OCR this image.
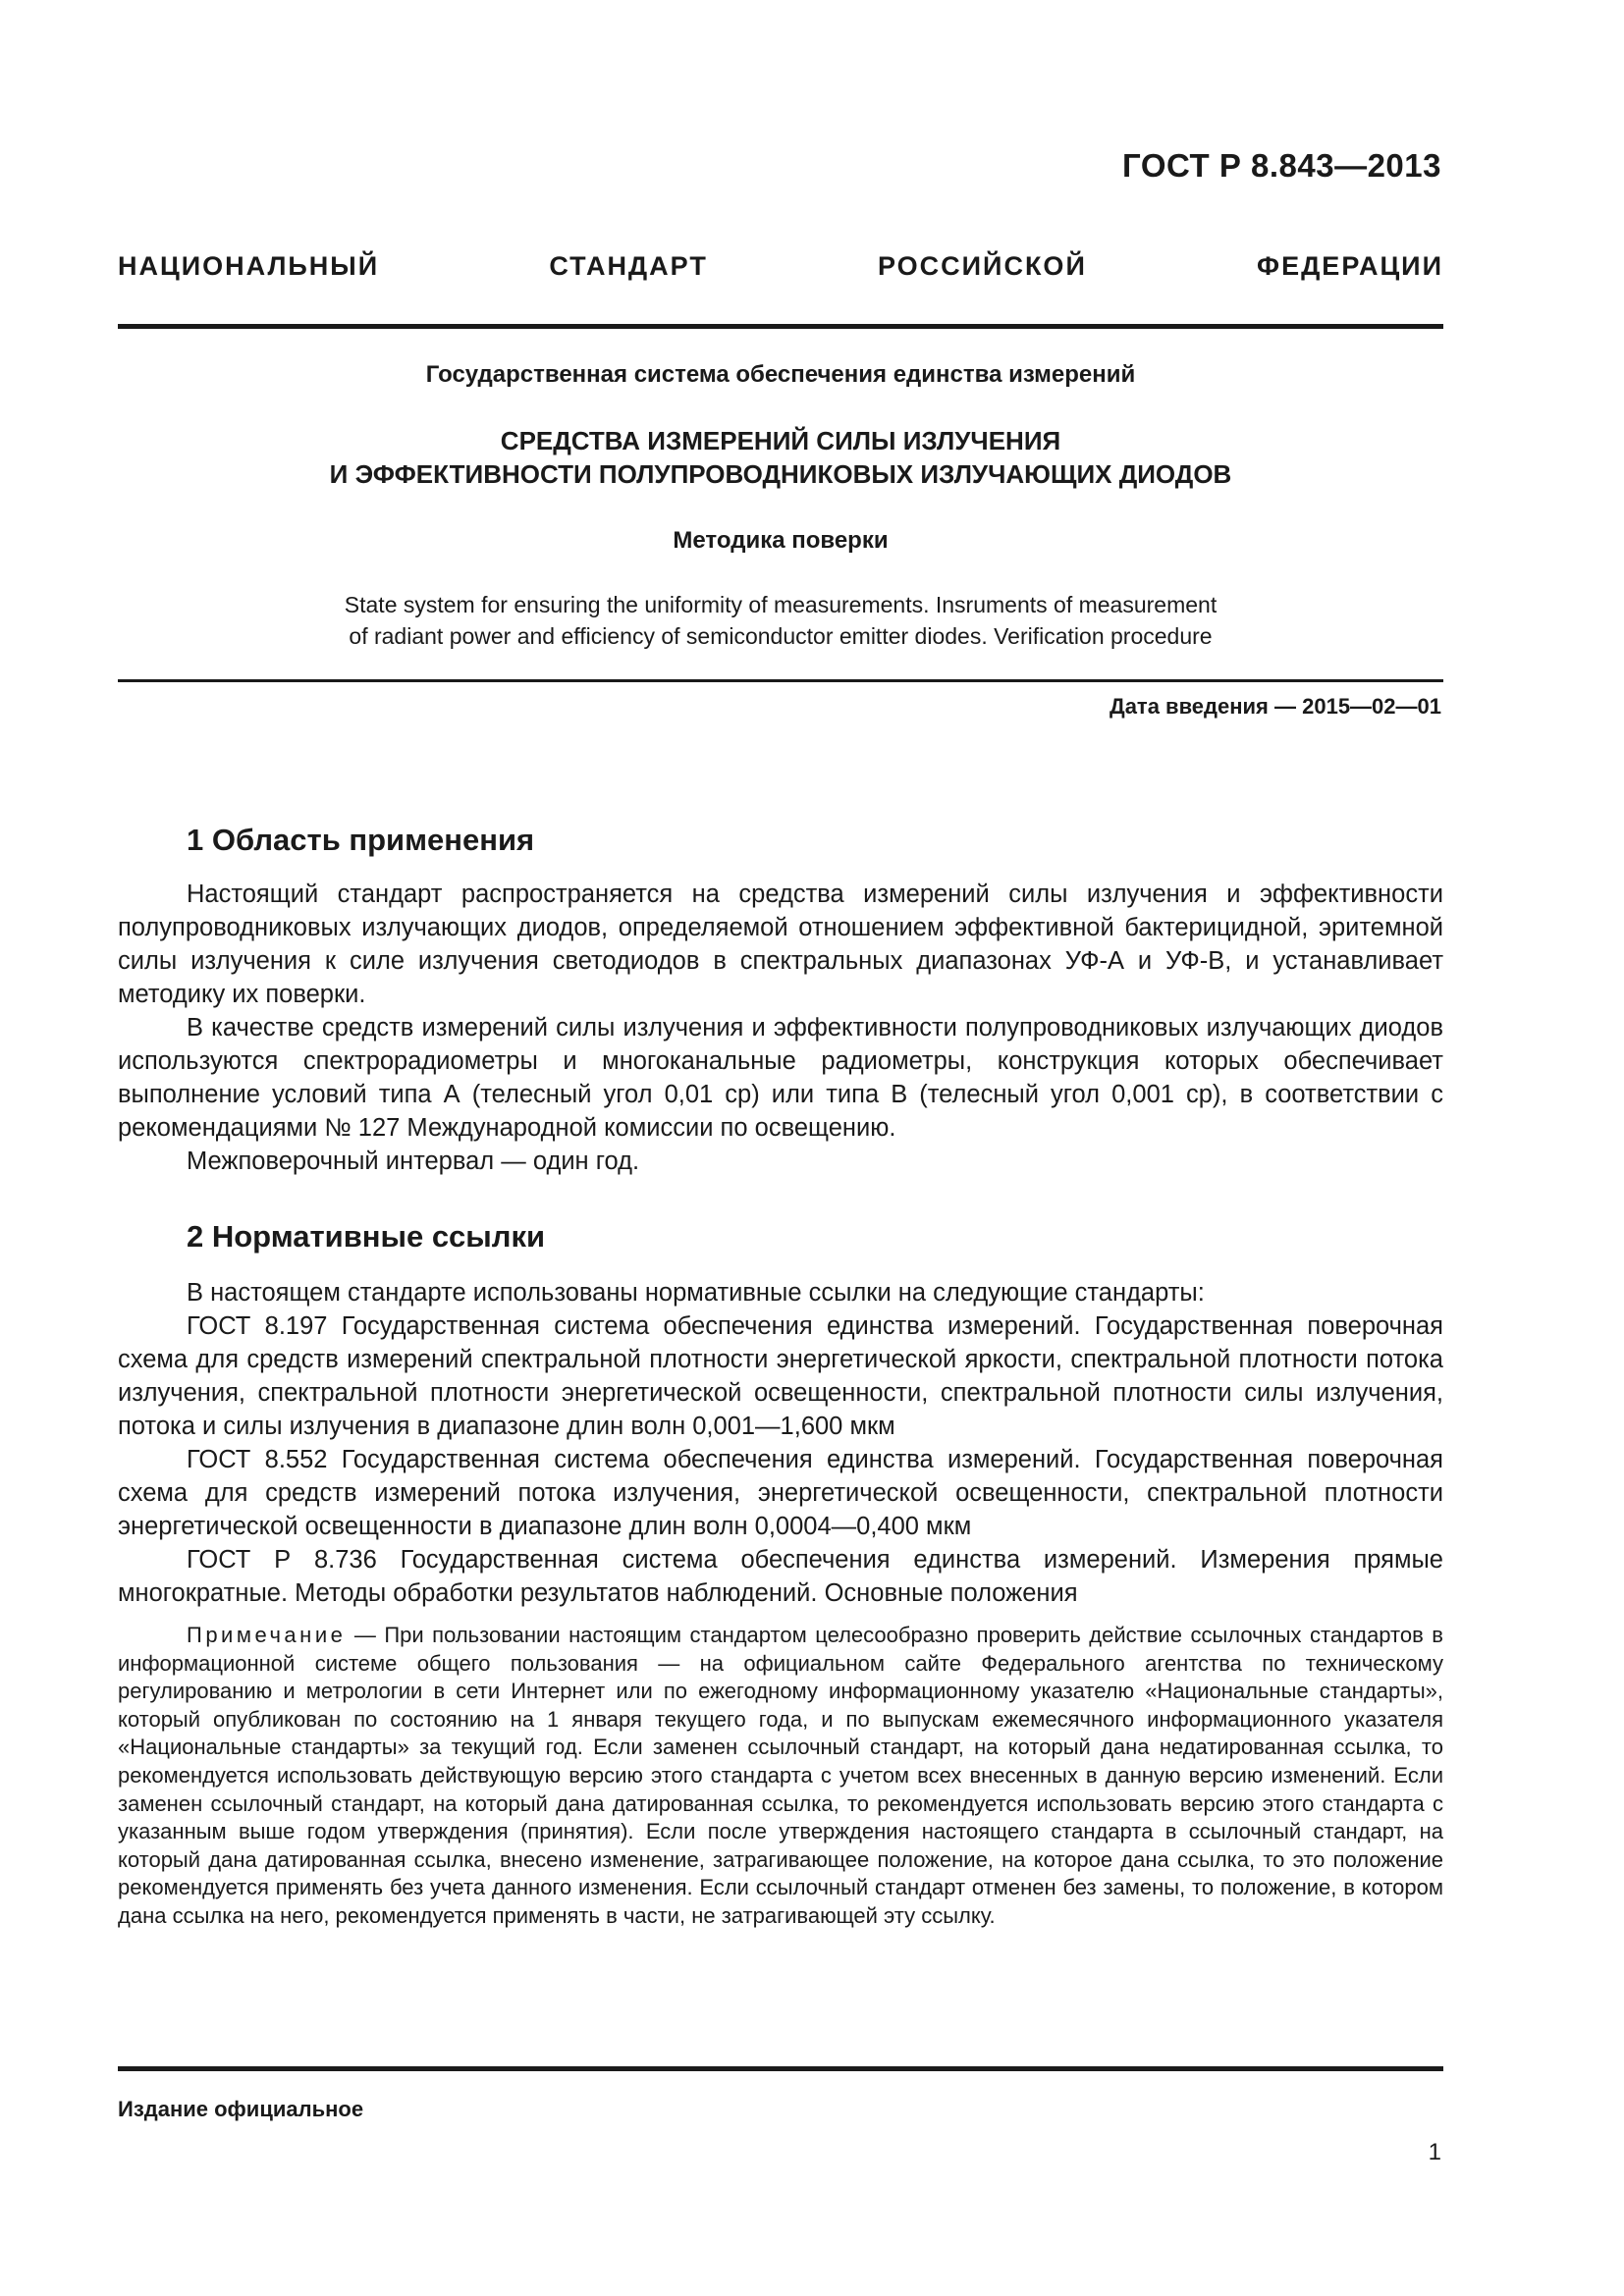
ГОСТ Р 8.843—2013
НАЦИОНАЛЬНЫЙ СТАНДАРТ РОССИЙСКОЙ ФЕДЕРАЦИИ
Государственная система обеспечения единства измерений
СРЕДСТВА ИЗМЕРЕНИЙ СИЛЫ ИЗЛУЧЕНИЯ
И ЭФФЕКТИВНОСТИ ПОЛУПРОВОДНИКОВЫХ ИЗЛУЧАЮЩИХ ДИОДОВ
Методика поверки
State system for ensuring the uniformity of measurements. Insruments of measurement
of radiant power and efficiency of semiconductor emitter diodes. Verification procedure
Дата введения — 2015—02—01
1 Область применения

Настоящий стандарт распространяется на средства измерений силы излучения и эффективности полупроводниковых излучающих диодов, определяемой отношением эффективной бактерицидной, эритемной силы излучения к силе излучения светодиодов в спектральных диапазонах УФ-А и УФ-В, и устанавливает методику их поверки.

В качестве средств измерений силы излучения и эффективности полупроводниковых излучающих диодов используются спектрорадиометры и многоканальные радиометры, конструкция которых обеспечивает выполнение условий типа А (телесный угол 0,01 ср) или типа В (телесный угол 0,001 ср), в соответствии с рекомендациями № 127 Международной комиссии по освещению.

Межповерочный интервал — один год.

2 Нормативные ссылки

В настоящем стандарте использованы нормативные ссылки на следующие стандарты:

ГОСТ 8.197 Государственная система обеспечения единства измерений. Государственная поверочная схема для средств измерений спектральной плотности энергетической яркости, спектральной плотности потока излучения, спектральной плотности энергетической освещенности, спектральной плотности силы излучения, потока и силы излучения в диапазоне длин волн 0,001—1,600 мкм

ГОСТ 8.552 Государственная система обеспечения единства измерений. Государственная поверочная схема для средств измерений потока излучения, энергетической освещенности, спектральной плотности энергетической освещенности в диапазоне длин волн 0,0004—0,400 мкм

ГОСТ Р 8.736 Государственная система обеспечения единства измерений. Измерения прямые многократные. Методы обработки результатов наблюдений. Основные положения

Примечание — При пользовании настоящим стандартом целесообразно проверить действие ссылочных стандартов в информационной системе общего пользования — на официальном сайте Федерального агентства по техническому регулированию и метрологии в сети Интернет или по ежегодному информационному указателю «Национальные стандарты», который опубликован по состоянию на 1 января текущего года, и по выпускам ежемесячного информационного указателя «Национальные стандарты» за текущий год. Если заменен ссылочный стандарт, на который дана недатированная ссылка, то рекомендуется использовать действующую версию этого стандарта с учетом всех внесенных в данную версию изменений. Если заменен ссылочный стандарт, на который дана датированная ссылка, то рекомендуется использовать версию этого стандарта с указанным выше годом утверждения (принятия). Если после утверждения настоящего стандарта в ссылочный стандарт, на который дана датированная ссылка, внесено изменение, затрагивающее положение, на которое дана ссылка, то это положение рекомендуется применять без учета данного изменения. Если ссылочный стандарт отменен без замены, то положение, в котором дана ссылка на него, рекомендуется применять в части, не затрагивающей эту ссылку.

Издание официальное
1
